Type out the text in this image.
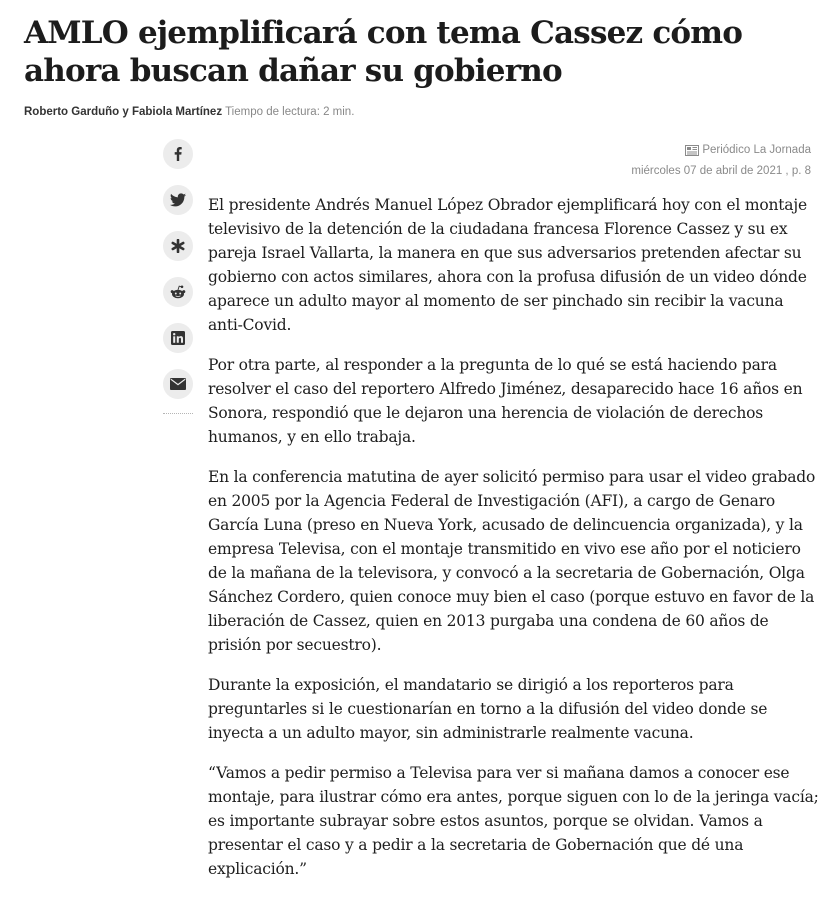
AMLO ejemplificará con tema Cassez cómo ahora buscan dañar su gobierno
Roberto Garduño y Fabiola Martínez Tiempo de lectura: 2 min.
Periódico La Jornada
miércoles 07 de abril de 2021 , p. 8

El presidente Andrés Manuel López Obrador ejemplificará hoy con el montaje televisivo de la detención de la ciudadana francesa Florence Cassez y su ex pareja Israel Vallarta, la manera en que sus adversarios pretenden afectar su gobierno con actos similares, ahora con la profusa difusión de un video dónde aparece un adulto mayor al momento de ser pinchado sin recibir la vacuna anti-Covid.

Por otra parte, al responder a la pregunta de lo qué se está haciendo para resolver el caso del reportero Alfredo Jiménez, desaparecido hace 16 años en Sonora, respondió que le dejaron una herencia de violación de derechos humanos, y en ello trabaja.

En la conferencia matutina de ayer solicitó permiso para usar el video grabado en 2005 por la Agencia Federal de Investigación (AFI), a cargo de Genaro García Luna (preso en Nueva York, acusado de delincuencia organizada), y la empresa Televisa, con el montaje transmitido en vivo ese año por el noticiero de la mañana de la televisora, y convocó a la secretaria de Gobernación, Olga Sánchez Cordero, quien conoce muy bien el caso (porque estuvo en favor de la liberación de Cassez, quien en 2013 purgaba una condena de 60 años de prisión por secuestro).

Durante la exposición, el mandatario se dirigió a los reporteros para preguntarles si le cuestionarían en torno a la difusión del video donde se inyecta a un adulto mayor, sin administrarle realmente vacuna.

“Vamos a pedir permiso a Televisa para ver si mañana damos a conocer ese montaje, para ilustrar cómo era antes, porque siguen con lo de la jeringa vacía; es importante subrayar sobre estos asuntos, porque se olvidan. Vamos a presentar el caso y a pedir a la secretaria de Gobernación que dé una explicación.”
